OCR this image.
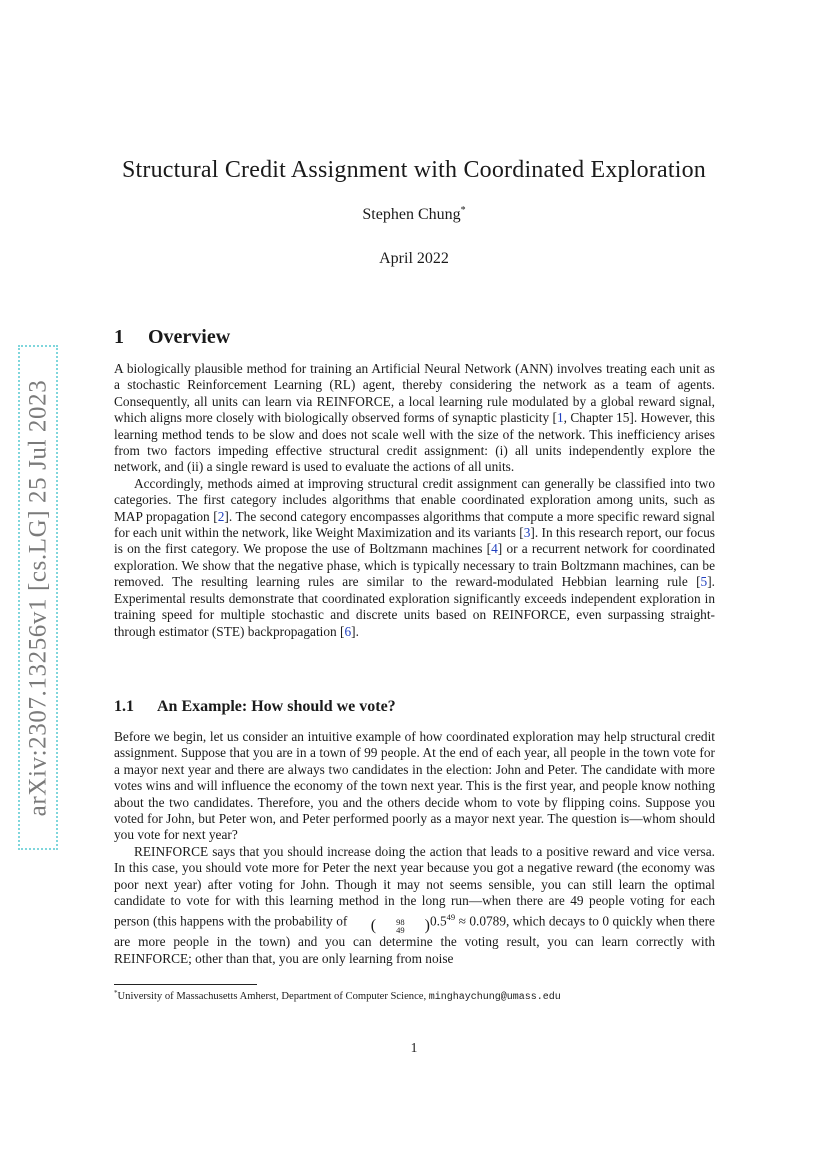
arXiv:2307.13256v1 [cs.LG] 25 Jul 2023
Structural Credit Assignment with Coordinated Exploration
Stephen Chung*
April 2022
1 Overview

A biologically plausible method for training an Artificial Neural Network (ANN) involves treating each unit as a stochastic Reinforcement Learning (RL) agent, thereby considering the network as a team of agents. Consequently, all units can learn via REINFORCE, a local learning rule modulated by a global reward signal, which aligns more closely with biologically observed forms of synaptic plasticity [1, Chapter 15]. However, this learning method tends to be slow and does not scale well with the size of the network. This inefficiency arises from two factors impeding effective structural credit assignment: (i) all units independently explore the network, and (ii) a single reward is used to evaluate the actions of all units.

Accordingly, methods aimed at improving structural credit assignment can generally be classified into two categories. The first category includes algorithms that enable coordinated exploration among units, such as MAP propagation [2]. The second category encompasses algorithms that compute a more specific reward signal for each unit within the network, like Weight Maximization and its variants [3]. In this research report, our focus is on the first category. We propose the use of Boltzmann machines [4] or a recurrent network for coordinated exploration. We show that the negative phase, which is typically necessary to train Boltzmann machines, can be removed. The resulting learning rules are similar to the reward-modulated Hebbian learning rule [5]. Experimental results demonstrate that coordinated exploration significantly exceeds independent exploration in training speed for multiple stochastic and discrete units based on REINFORCE, even surpassing straight-through estimator (STE) backpropagation [6].

1.1 An Example: How should we vote?

Before we begin, let us consider an intuitive example of how coordinated exploration may help structural credit assignment. Suppose that you are in a town of 99 people. At the end of each year, all people in the town vote for a mayor next year and there are always two candidates in the election: John and Peter. The candidate with more votes wins and will influence the economy of the town next year. This is the first year, and people know nothing about the two candidates. Therefore, you and the others decide whom to vote by flipping coins. Suppose you voted for John, but Peter won, and Peter performed poorly as a mayor next year. The question is—whom should you vote for next year?

REINFORCE says that you should increase doing the action that leads to a positive reward and vice versa. In this case, you should vote more for Peter the next year because you got a negative reward (the economy was poor next year) after voting for John. Though it may not seems sensible, you can still learn the optimal candidate to vote for with this learning method in the long run—when there are 49 people voting for each person (this happens with the probability of	(	98
49	) $0.5^{49} \approx 0.0789$, which decays to 0 quickly when there are more people in the town) and you can determine the voting result, you can learn correctly with REINFORCE; other than that, you are only learning from noise

*University of Massachusetts Amherst, Department of Computer Science, minghaychung@umass.edu
1
